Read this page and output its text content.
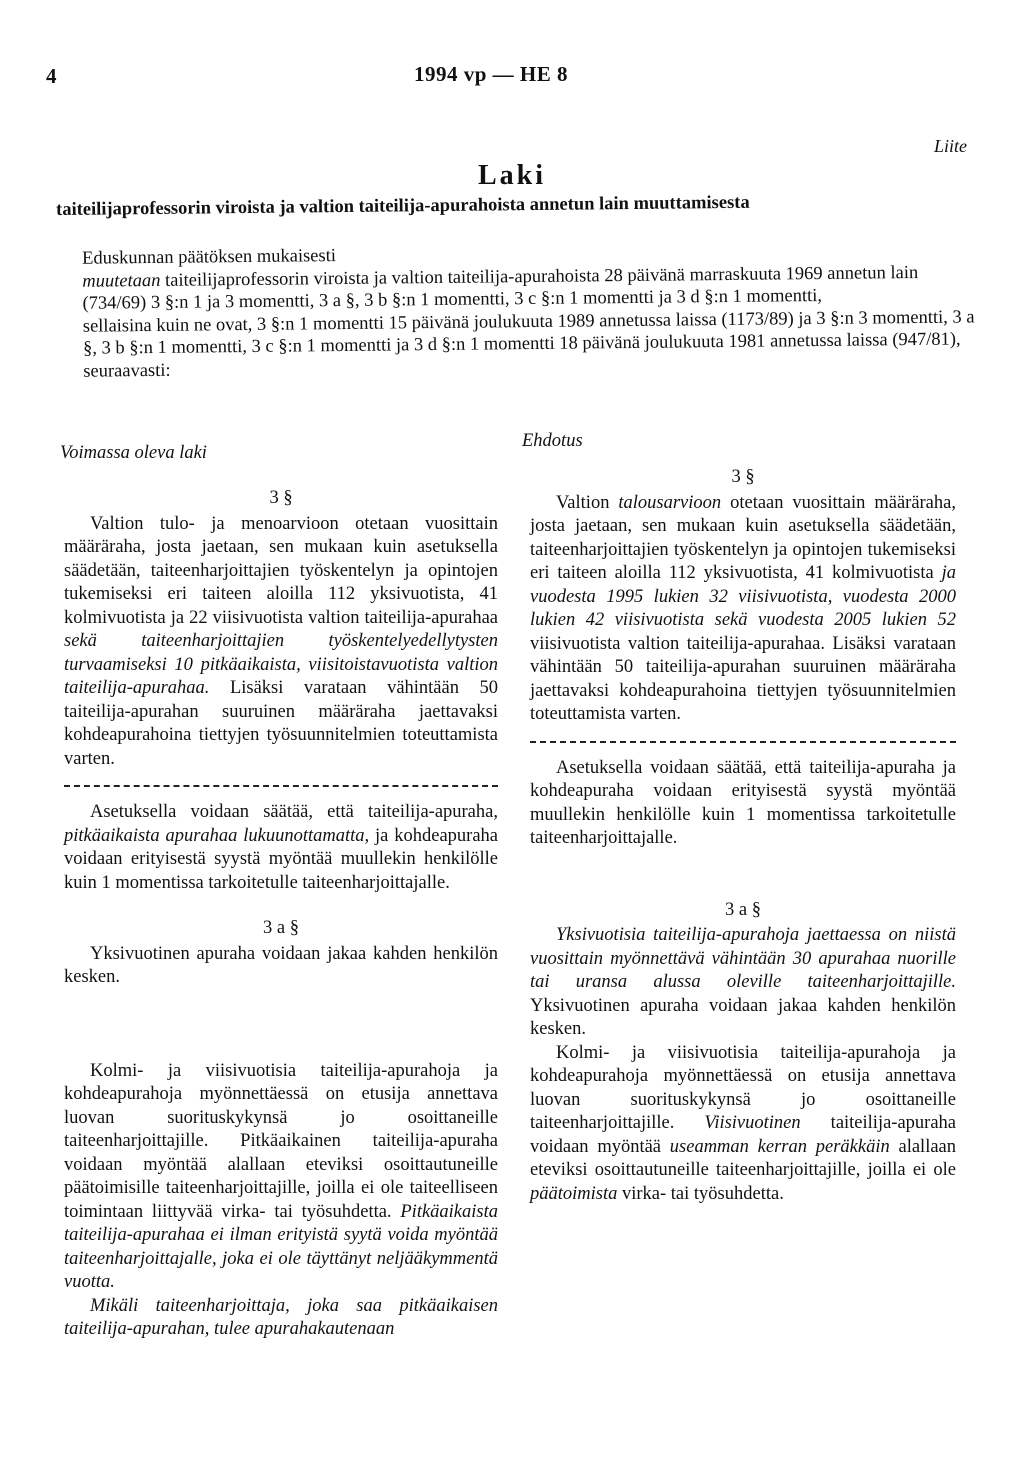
4	1994 vp — HE 8
Liite
Laki
taiteilijaprofessorin viroista ja valtion taiteilija-apurahoista annetun lain muuttamisesta

Eduskunnan päätöksen mukaisesti

muutetaan taiteilijaprofessorin viroista ja valtion taiteilija-apurahoista 28 päivänä marraskuuta 1969 annetun lain (734/69) 3 §:n 1 ja 3 momentti, 3 a §, 3 b §:n 1 momentti, 3 c §:n 1 momentti ja 3 d §:n 1 momentti,

sellaisina kuin ne ovat, 3 §:n 1 momentti 15 päivänä joulukuuta 1989 annetussa laissa (1173/89) ja 3 §:n 3 momentti, 3 a §, 3 b §:n 1 momentti, 3 c §:n 1 momentti ja 3 d §:n 1 momentti 18 päivänä joulukuuta 1981 annetussa laissa (947/81), seuraavasti:

Voimassa oleva laki

3 §

Valtion tulo- ja menoarvioon otetaan vuosittain määräraha, josta jaetaan, sen mukaan kuin asetuksella säädetään, taiteenharjoittajien työskentelyn ja opintojen tukemiseksi eri taiteen aloilla 112 yksivuotista, 41 kolmivuotista ja 22 viisivuotista valtion taiteilija-apurahaa sekä taiteenharjoittajien työskentelyedellytysten turvaamiseksi 10 pitkäaikaista, viisitoistavuotista valtion taiteilija-apurahaa. Lisäksi varataan vähintään 50 taiteilija-apurahan suuruinen määräraha jaettavaksi kohdeapurahoina tiettyjen työsuunnitelmien toteuttamista varten.

Asetuksella voidaan säätää, että taiteilija-apuraha, pitkäaikaista apurahaa lukuunottamatta, ja kohdeapuraha voidaan erityisestä syystä myöntää muullekin henkilölle kuin 1 momentissa tarkoitetulle taiteenharjoittajalle.

3 a §

Yksivuotinen apuraha voidaan jakaa kahden henkilön kesken.

Kolmi- ja viisivuotisia taiteilija-apurahoja ja kohdeapurahoja myönnettäessä on etusija annettava luovan suorituskykynsä jo osoittaneille taiteenharjoittajille. Pitkäaikainen taiteilija-apuraha voidaan myöntää alallaan eteviksi osoittautuneille päätoimisille taiteenharjoittajille, joilla ei ole taiteelliseen toimintaan liittyvää virka- tai työsuhdetta. Pitkäaikaista taiteilija-apurahaa ei ilman erityistä syytä voida myöntää taiteenharjoittajalle, joka ei ole täyttänyt neljääkymmentä vuotta.

Mikäli taiteenharjoittaja, joka saa pitkäaikaisen taiteilija-apurahan, tulee apurahakautenaan

Ehdotus

3 §

Valtion talousarvioon otetaan vuosittain määräraha, josta jaetaan, sen mukaan kuin asetuksella säädetään, taiteenharjoittajien työskentelyn ja opintojen tukemiseksi eri taiteen aloilla 112 yksivuotista, 41 kolmivuotista ja vuodesta 1995 lukien 32 viisivuotista, vuodesta 2000 lukien 42 viisivuotista sekä vuodesta 2005 lukien 52 viisivuotista valtion taiteilija-apurahaa. Lisäksi varataan vähintään 50 taiteilija-apurahan suuruinen määräraha jaettavaksi kohdeapurahoina tiettyjen työsuunnitelmien toteuttamista varten.

Asetuksella voidaan säätää, että taiteilija-apuraha ja kohdeapuraha voidaan erityisestä syystä myöntää muullekin henkilölle kuin 1 momentissa tarkoitetulle taiteenharjoittajalle.

3 a §

Yksivuotisia taiteilija-apurahoja jaettaessa on niistä vuosittain myönnettävä vähintään 30 apurahaa nuorille tai uransa alussa oleville taiteenharjoittajille. Yksivuotinen apuraha voidaan jakaa kahden henkilön kesken.

Kolmi- ja viisivuotisia taiteilija-apurahoja ja kohdeapurahoja myönnettäessä on etusija annettava luovan suorituskykynsä jo osoittaneille taiteenharjoittajille. Viisivuotinen taiteilija-apuraha voidaan myöntää useamman kerran peräkkäin alallaan eteviksi osoittautuneille taiteenharjoittajille, joilla ei ole päätoimista virka- tai työsuhdetta.
